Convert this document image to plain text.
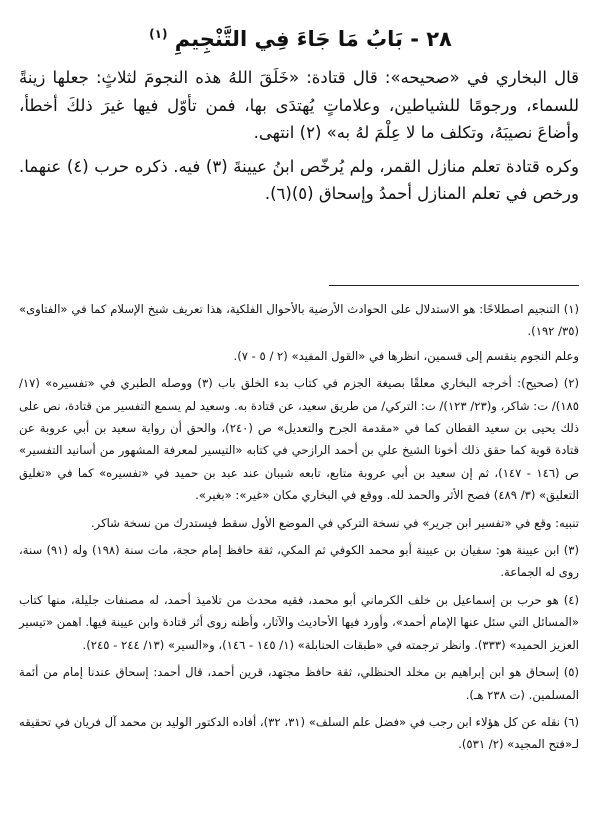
٢٨ - بَابُ مَا جَاءَ فِي التَّنْجِيمِ $^{(١)}$

قال البخاري في «صحيحه»: قال قتادة: «خَلَقَ اللهُ هذه النجومَ لثلاثٍ: جعلها زينةً للسماء، ورجومًا للشياطين، وعلاماتٍ يُهتدَى بها، فمن تأوّل فيها غيرَ ذلكَ أخطأ، وأضاعَ نصيبَهُ، وتكلف ما لا عِلْمَ لهُ به» (٢) انتهى.

وكره قتادة تعلم منازل القمر، ولم يُرخّص ابنُ عيينةَ (٣) فيه. ذكره حرب (٤) عنهما. ورخص في تعلم المنازل أحمدُ وإسحاق (٥)(٦).

(١) التنجيم اصطلاحًا: هو الاستدلال على الحوادث الأرضية بالأحوال الفلكية، هذا تعريف شيخ الإسلام كما في «الفتاوى» (٣٥/ ١٩٢).

وعلم النجوم ينقسم إلى قسمين، انظرها في «القول المفيد» (٢ / ٥ - ٧).

(٢) (صحيح): أخرجه البخاري معلقًا بصيغة الجزم في كتاب بدء الخلق باب (٣) ووصله الطبري في «تفسيره» (١٧/ ١٨٥)/ ت: شاكر، و(٢٣/ ١٢٣)/ ت: التركي/ من طريق سعيد، عن قتادة به. وسعيد لم يسمع التفسير من قتادة، نص على ذلك يحيى بن سعيد القطان كما في «مقدمة الجرح والتعديل» ص (٢٤٠)، والحق أن رواية سعيد بن أبي عروبة عن قتادة قوية كما حقق ذلك أخونا الشيخ علي بن أحمد الرازحي في كتابه «التيسير لمعرفة المشهور من أسانيد التفسير» ص (١٤٦ - ١٤٧)، ثم إن سعيد بن أبي عروبة متابع، تابعه شيبان عند عبد بن حميد في «تفسيره» كما في «تغليق التعليق» (٣/ ٤٨٩) فصح الأثر والحمد لله. ووقع في البخاري مكان «غير»: «بغير».

تنبيه: وقع في «تفسير ابن جرير» في نسخة التركي في الموضع الأول سقط فيستدرك من نسخة شاكر.

(٣) ابن عيينة هو: سفيان بن عيينة أبو محمد الكوفي ثم المكي، ثقة حافظ إمام حجة، مات سنة (١٩٨) وله (٩١) سنة، روى له الجماعة.

(٤) هو حرب بن إسماعيل بن خلف الكرماني أبو محمد، فقيه محدث من تلاميذ أحمد، له مصنفات جليلة، منها كتاب «المسائل التي سئل عنها الإمام أحمد»، وأورد فيها الأحاديث والآثار، وأظنه روى أثر قتادة وابن عيينة فيها. اهمن «تيسير العزيز الحميد» (٣٣٣). وانظر ترجمته في «طبقات الحنابلة» (١/ ١٤٥ - ١٤٦)، و«السير» (١٣/ ٢٤٤ - ٢٤٥).

(٥) إسحاق هو ابن إبراهيم بن مخلد الحنظلي، ثقة حافظ مجتهد، قرين أحمد، قال أحمد: إسحاق عندنا إمام من أئمة المسلمين. (ت ٢٣٨ هـ).

(٦) نقله عن كل هؤلاء ابن رجب في «فضل علم السلف» (٣١، ٣٢)، أفاده الدكتور الوليد بن محمد آل فريان في تحقيقه لـ«فتح المجيد» (٢/ ٥٣١).
